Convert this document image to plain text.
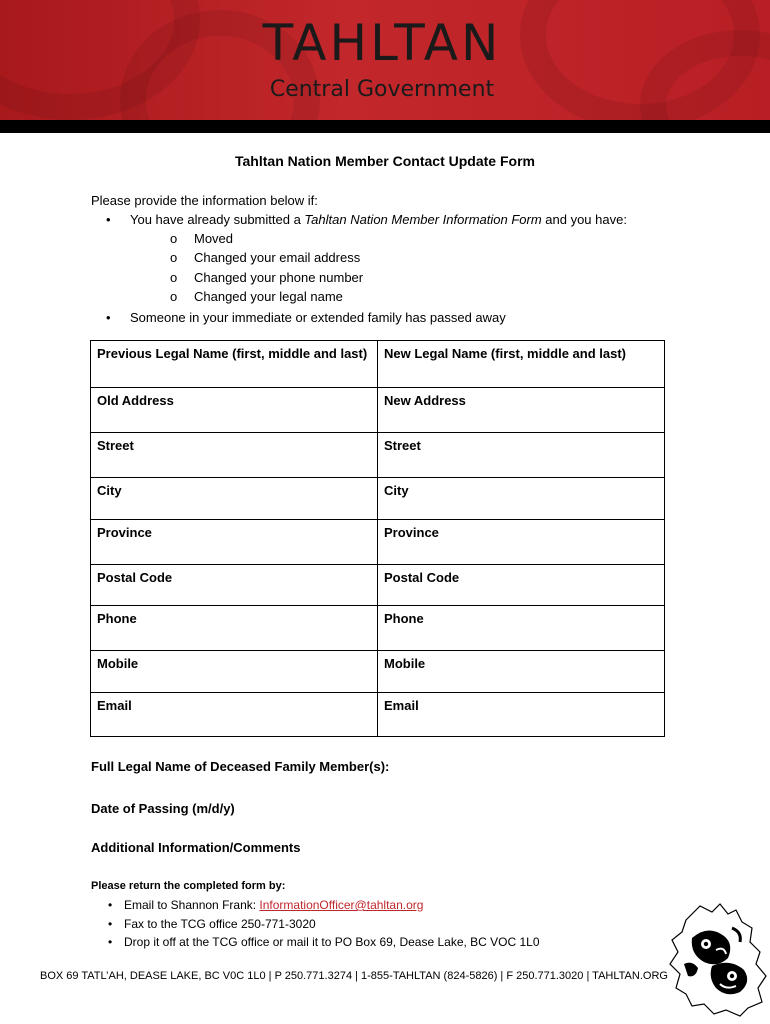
TAHLTAN
Central Government
Tahltan Nation Member Contact Update Form
Please provide the information below if:
• You have already submitted a Tahltan Nation Member Information Form and you have:
o Moved
o Changed your email address
o Changed your phone number
o Changed your legal name
• Someone in your immediate or extended family has passed away
Previous Legal Name (first, middle and last)	New Legal Name (first, middle and last)
Old Address	New Address
Street	Street
City	City
Province	Province
Postal Code	Postal Code
Phone	Phone
Mobile	Mobile
Email	Email
Full Legal Name of Deceased Family Member(s):
Date of Passing (m/d/y)
Additional Information/Comments
Please return the completed form by:
• Email to Shannon Frank: InformationOfficer@tahltan.org
• Fax to the TCG office 250-771-3020
• Drop it off at the TCG office or mail it to PO Box 69, Dease Lake, BC VOC 1L0
BOX 69 TATL’AH, DEASE LAKE, BC V0C 1L0 | P 250.771.3274 | 1-855-TAHLTAN (824-5826) | F 250.771.3020 | TAHLTAN.ORG
